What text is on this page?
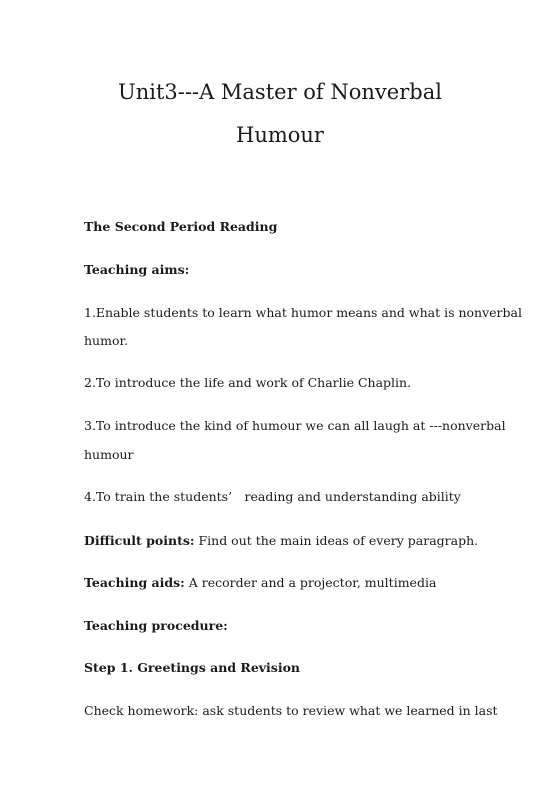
Unit3---A Master of Nonverbal
Humour

The Second Period Reading

Teaching aims:

1.Enable students to learn what humor means and what is nonverbal

humor.

2.To introduce the life and work of Charlie Chaplin.

3.To introduce the kind of humour we can all laugh at ---nonverbal

humour

4.To train the students’　reading and understanding ability

Difficult points: Find out the main ideas of every paragraph.

Teaching aids: A recorder and a projector, multimedia

Teaching procedure:

Step 1. Greetings and Revision

Check homework: ask students to review what we learned in last
